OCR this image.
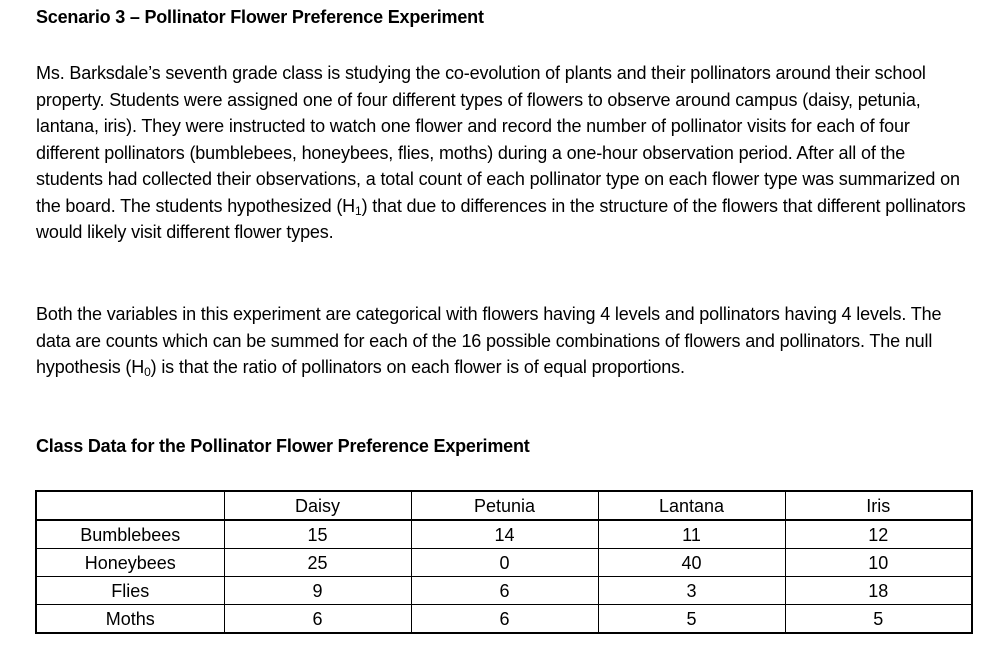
Scenario 3 – Pollinator Flower Preference Experiment

Ms. Barksdale’s seventh grade class is studying the co-evolution of plants and their pollinators around their school property. Students were assigned one of four different types of flowers to observe around campus (daisy, petunia, lantana, iris). They were instructed to watch one flower and record the number of pollinator visits for each of four different pollinators (bumblebees, honeybees, flies, moths) during a one-hour observation period. After all of the students had collected their observations, a total count of each pollinator type on each flower type was summarized on the board. The students hypothesized $(H_1)$ that due to differences in the structure of the flowers that different pollinators would likely visit different flower types.

Both the variables in this experiment are categorical with flowers having 4 levels and pollinators having 4 levels. The data are counts which can be summed for each of the 16 possible combinations of flowers and pollinators. The null hypothesis $(H_0)$ is that the ratio of pollinators on each flower is of equal proportions.

Class Data for the Pollinator Flower Preference Experiment
	Daisy	Petunia	Lantana	Iris
Bumblebees	15	14	11	12
Honeybees	25	0	40	10
Flies	9	6	3	18
Moths	6	6	5	5
